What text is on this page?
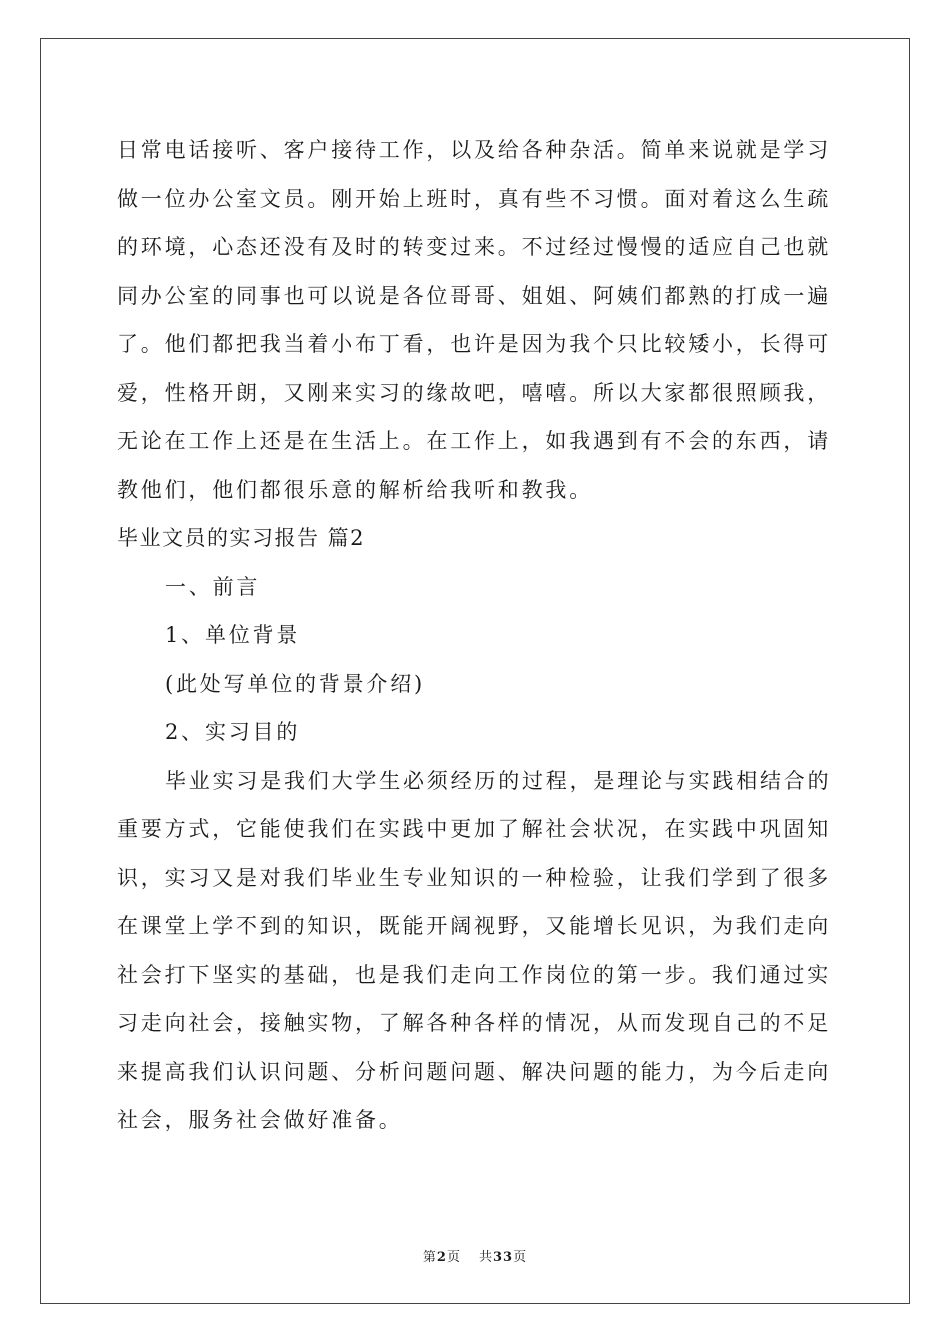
日常电话接听、客户接待工作，以及给各种杂活。简单来说就是学习
做一位办公室文员。刚开始上班时，真有些不习惯。面对着这么生疏
的环境，心态还没有及时的转变过来。不过经过慢慢的适应自己也就
同办公室的同事也可以说是各位哥哥、姐姐、阿姨们都熟的打成一遍
了。他们都把我当着小布丁看，也许是因为我个只比较矮小，长得可
爱，性格开朗，又刚来实习的缘故吧，嘻嘻。所以大家都很照顾我，
无论在工作上还是在生活上。在工作上，如我遇到有不会的东西，请
教他们，他们都很乐意的解析给我听和教我。
毕业文员的实习报告 篇2
一、前言
1、单位背景
(此处写单位的背景介绍)
2、实习目的
毕业实习是我们大学生必须经历的过程，是理论与实践相结合的
重要方式，它能使我们在实践中更加了解社会状况，在实践中巩固知
识，实习又是对我们毕业生专业知识的一种检验，让我们学到了很多
在课堂上学不到的知识，既能开阔视野，又能增长见识，为我们走向
社会打下坚实的基础，也是我们走向工作岗位的第一步。我们通过实
习走向社会，接触实物，了解各种各样的情况，从而发现自己的不足
来提高我们认识问题、分析问题问题、解决问题的能力，为今后走向
社会，服务社会做好准备。
第2页 共33页
